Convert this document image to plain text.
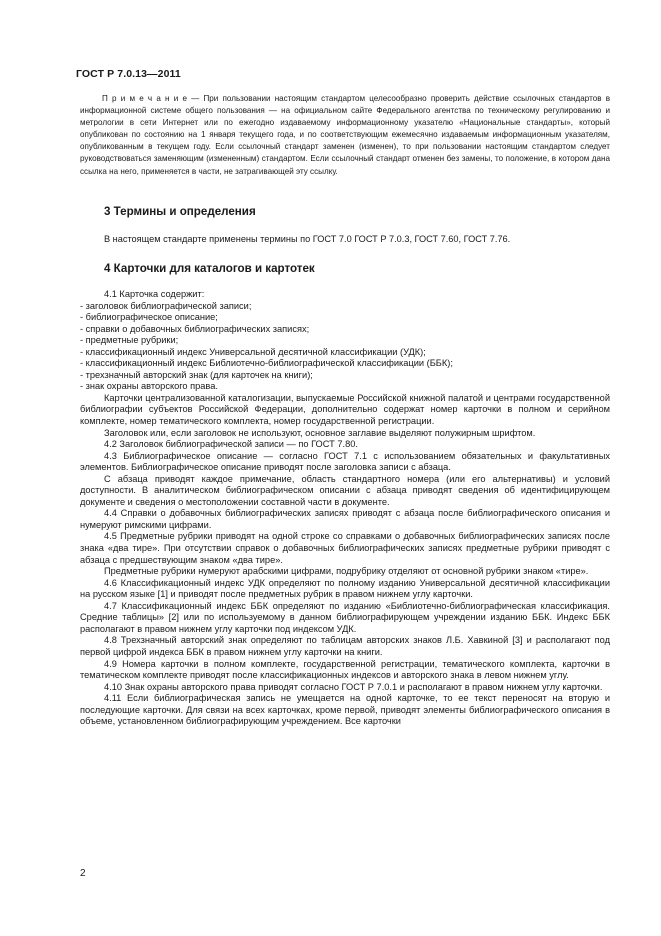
ГОСТ Р 7.0.13—2011

П р и м е ч а н и е — При пользовании настоящим стандартом целесообразно проверить действие ссылочных стандартов в информационной системе общего пользования — на официальном сайте Федерального агентства по техническому регулированию и метрологии в сети Интернет или по ежегодно издаваемому информационному указателю «Национальные стандарты», который опубликован по состоянию на 1 января текущего года, и по соответствующим ежемесячно издаваемым информационным указателям, опубликованным в текущем году. Если ссылочный стандарт заменен (изменен), то при пользовании настоящим стандартом следует руководствоваться заменяющим (измененным) стандартом. Если ссылочный стандарт отменен без замены, то положение, в котором дана ссылка на него, применяется в части, не затрагивающей эту ссылку.

3 Термины и определения
В настоящем стандарте применены термины по ГОСТ 7.0 ГОСТ Р 7.0.3, ГОСТ 7.60, ГОСТ 7.76.
4 Карточки для каталогов и картотек

4.1 Карточка содержит:

- заголовок библиографической записи;
- библиографическое описание;
- справки о добавочных библиографических записях;
- предметные рубрики;
- классификационный индекс Универсальной десятичной классификации (УДК);
- классификационный индекс Библиотечно-библиографической классификации (ББК);
- трехзначный авторский знак (для карточек на книги);
- знак охраны авторского права.

Карточки централизованной каталогизации, выпускаемые Российской книжной палатой и центрами государственной библиографии субъектов Российской Федерации, дополнительно содержат номер карточки в полном и серийном комплекте, номер тематического комплекта, номер государственной регистрации.

Заголовок или, если заголовок не используют, основное заглавие выделяют полужирным шрифтом.

4.2 Заголовок библиографической записи — по ГОСТ 7.80.

4.3 Библиографическое описание — согласно ГОСТ 7.1 с использованием обязательных и факультативных элементов. Библиографическое описание приводят после заголовка записи с абзаца.

С абзаца приводят каждое примечание, область стандартного номера (или его альтернативы) и условий доступности. В аналитическом библиографическом описании с абзаца приводят сведения об идентифицирующем документе и сведения о местоположении составной части в документе.

4.4 Справки о добавочных библиографических записях приводят с абзаца после библиографического описания и нумеруют римскими цифрами.

4.5 Предметные рубрики приводят на одной строке со справками о добавочных библиографических записях после знака «два тире». При отсутствии справок о добавочных библиографических записях предметные рубрики приводят с абзаца с предшествующим знаком «два тире».

Предметные рубрики нумеруют арабскими цифрами, подрубрику отделяют от основной рубрики знаком «тире».

4.6 Классификационный индекс УДК определяют по полному изданию Универсальной десятичной классификации на русском языке [1] и приводят после предметных рубрик в правом нижнем углу карточки.

4.7 Классификационный индекс ББК определяют по изданию «Библиотечно-библиографическая классификация. Средние таблицы» [2] или по используемому в данном библиографирующем учреждении изданию ББК. Индекс ББК располагают в правом нижнем углу карточки под индексом УДК.

4.8 Трехзначный авторский знак определяют по таблицам авторских знаков Л.Б. Хавкиной [3] и располагают под первой цифрой индекса ББК в правом нижнем углу карточки на книги.

4.9 Номера карточки в полном комплекте, государственной регистрации, тематического комплекта, карточки в тематическом комплекте приводят после классификационных индексов и авторского знака в левом нижнем углу.

4.10 Знак охраны авторского права приводят согласно ГОСТ Р 7.0.1 и располагают в правом нижнем углу карточки.

4.11 Если библиографическая запись не умещается на одной карточке, то ее текст переносят на вторую и последующие карточки. Для связи на всех карточках, кроме первой, приводят элементы библиографического описания в объеме, установленном библиографирующим учреждением. Все карточки

2
